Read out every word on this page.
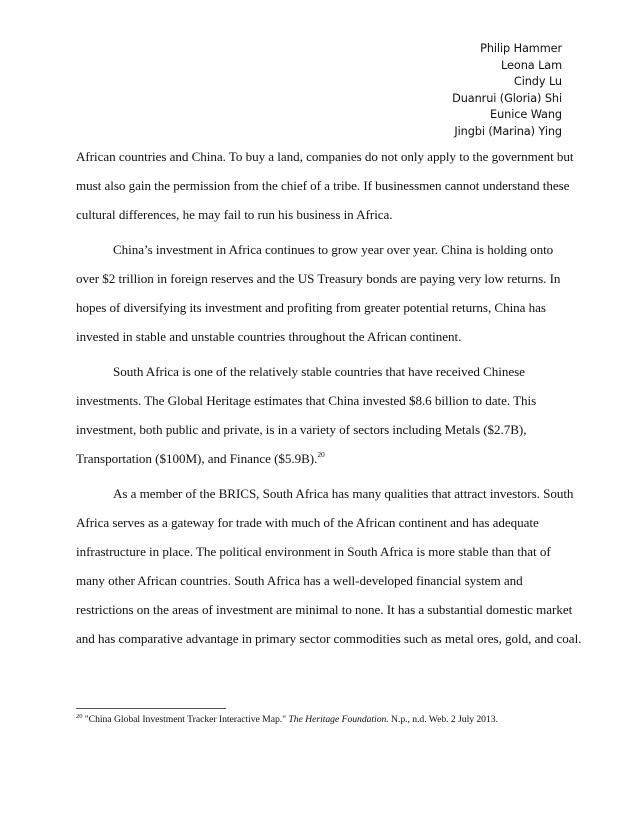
Philip Hammer
Leona Lam
Cindy Lu
Duanrui (Gloria) Shi
Eunice Wang
Jingbi (Marina) Ying

African countries and China. To buy a land, companies do not only apply to the government but

must also gain the permission from the chief of a tribe. If businessmen cannot understand these

cultural differences, he may fail to run his business in Africa.

China’s investment in Africa continues to grow year over year. China is holding onto

over $2 trillion in foreign reserves and the US Treasury bonds are paying very low returns. In

hopes of diversifying its investment and profiting from greater potential returns, China has

invested in stable and unstable countries throughout the African continent.

South Africa is one of the relatively stable countries that have received Chinese

investments. The Global Heritage estimates that China invested $8.6 billion to date. This

investment, both public and private, is in a variety of sectors including Metals ($2.7B),

Transportation ($100M), and Finance ($5.9B).$^{20}$

As a member of the BRICS, South Africa has many qualities that attract investors. South

Africa serves as a gateway for trade with much of the African continent and has adequate

infrastructure in place. The political environment in South Africa is more stable than that of

many other African countries. South Africa has a well-developed financial system and

restrictions on the areas of investment are minimal to none. It has a substantial domestic market

and has comparative advantage in primary sector commodities such as metal ores, gold, and coal.

$^{20}$ "China Global Investment Tracker Interactive Map." The Heritage Foundation. N.p., n.d. Web. 2 July 2013.
